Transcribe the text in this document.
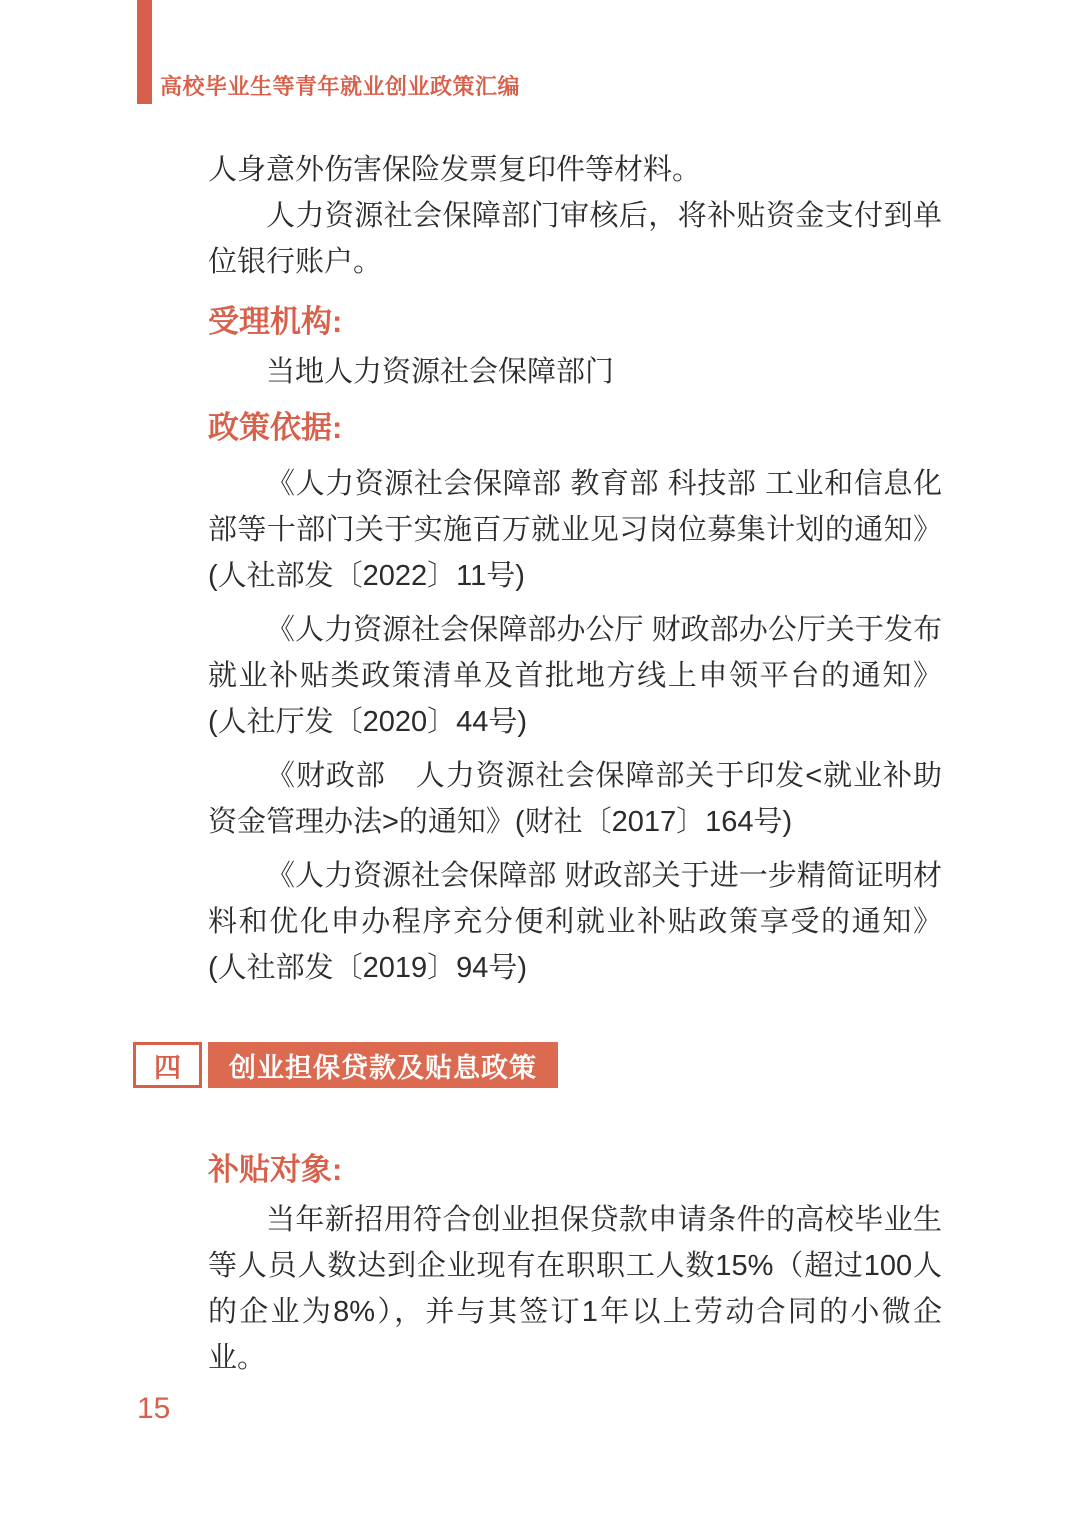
高校毕业生等青年就业创业政策汇编

人身意外伤害保险发票复印件等材料。

人力资源社会保障部门审核后，将补贴资金支付到单位银行账户。

受理机构:

当地人力资源社会保障部门

政策依据:

《人力资源社会保障部 教育部 科技部 工业和信息化部等十部门关于实施百万就业见习岗位募集计划的通知》(人社部发〔2022〕11号)

《人力资源社会保障部办公厅 财政部办公厅关于发布就业补贴类政策清单及首批地方线上申领平台的通知》(人社厅发〔2020〕44号)

《财政部　人力资源社会保障部关于印发<就业补助资金管理办法>的通知》(财社〔2017〕164号)

《人力资源社会保障部 财政部关于进一步精简证明材料和优化申办程序充分便利就业补贴政策享受的通知》(人社部发〔2019〕94号)

四	创业担保贷款及贴息政策
补贴对象:

当年新招用符合创业担保贷款申请条件的高校毕业生等人员人数达到企业现有在职职工人数15%（超过100人的企业为8%），并与其签订1年以上劳动合同的小微企业。

15
